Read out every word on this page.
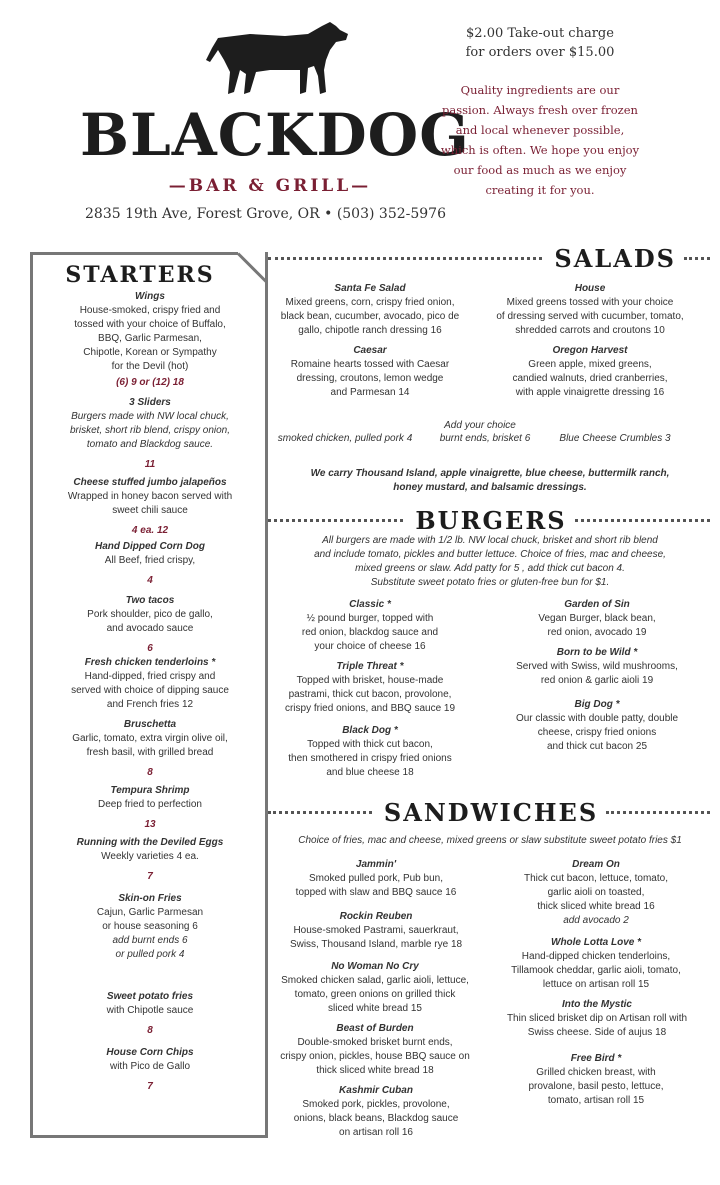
BLACKDOG
—BAR & GRILL—
2835 19th Ave, Forest Grove, OR • (503) 352-5976
$2.00 Take-out charge
for orders over $15.00
Quality ingredients are our
passion. Always fresh over frozen
and local whenever possible,
which is often. We hope you enjoy
our food as much as we enjoy
creating it for you.
STARTERS
Wings
House-smoked, crispy fried and
tossed with your choice of Buffalo,
BBQ, Garlic Parmesan,
Chipotle, Korean or Sympathy
for the Devil (hot)
(6) 9 or (12) 18
3 Sliders
Burgers made with NW local chuck,
brisket, short rib blend, crispy onion,
tomato and Blackdog sauce.
11
Cheese stuffed jumbo jalapeños
Wrapped in honey bacon served with
sweet chili sauce
4 ea. 12
Hand Dipped Corn Dog
All Beef, fried crispy,
4
Two tacos
Pork shoulder, pico de gallo,
and avocado sauce
6
Fresh chicken tenderloins *
Hand-dipped, fried crispy and
served with choice of dipping sauce
and French fries 12
Bruschetta
Garlic, tomato, extra virgin olive oil,
fresh basil, with grilled bread
8
Tempura Shrimp
Deep fried to perfection
13
Running with the Deviled Eggs
Weekly varieties 4 ea.
7
Skin-on Fries
Cajun, Garlic Parmesan
or house seasoning 6
add burnt ends 6
or pulled pork 4
Sweet potato fries
with Chipotle sauce
8
House Corn Chips
with Pico de Gallo
7
SALADS
Santa Fe Salad
Mixed greens, corn, crispy fried onion,
black bean, cucumber, avocado, pico de
gallo, chipotle ranch dressing 16
House
Mixed greens tossed with your choice
of dressing served with cucumber, tomato,
shredded carrots and croutons 10
Caesar
Romaine hearts tossed with Caesar
dressing, croutons, lemon wedge
and Parmesan 14
Oregon Harvest
Green apple, mixed greens,
candied walnuts, dried cranberries,
with apple vinaigrette dressing 16
Add your choice
smoked chicken, pulled pork 4	burnt ends, brisket 6	Blue Cheese Crumbles 3
We carry Thousand Island, apple vinaigrette, blue cheese, buttermilk ranch,
honey mustard, and balsamic dressings.
BURGERS
All burgers are made with 1/2 lb. NW local chuck, brisket and short rib blend
and include tomato, pickles and butter lettuce. Choice of fries, mac and cheese,
mixed greens or slaw. Add patty for 5 , add thick cut bacon 4.
Substitute sweet potato fries or gluten-free bun for $1.
Classic *
½ pound burger, topped with
red onion, blackdog sauce and
your choice of cheese 16
Garden of Sin
Vegan Burger, black bean,
red onion, avocado 19
Triple Threat *
Topped with brisket, house-made
pastrami, thick cut bacon, provolone,
crispy fried onions, and BBQ sauce 19
Born to be Wild *
Served with Swiss, wild mushrooms,
red onion & garlic aioli 19
Big Dog *
Our classic with double patty, double
cheese, crispy fried onions
and thick cut bacon 25
Black Dog *
Topped with thick cut bacon,
then smothered in crispy fried onions
and blue cheese 18
SANDWICHES
Choice of fries, mac and cheese, mixed greens or slaw substitute sweet potato fries $1
Jammin'
Smoked pulled pork, Pub bun,
topped with slaw and BBQ sauce 16
Dream On
Thick cut bacon, lettuce, tomato,
garlic aioli on toasted,
thick sliced white bread 16
add avocado 2
Rockin Reuben
House-smoked Pastrami, sauerkraut,
Swiss, Thousand Island, marble rye 18	Whole Lotta Love *
Hand-dipped chicken tenderloins,
Tillamook cheddar, garlic aioli, tomato,
lettuce on artisan roll 15
No Woman No Cry
Smoked chicken salad, garlic aioli, lettuce,
tomato, green onions on grilled thick
sliced white bread 15	Into the Mystic
Thin sliced brisket dip on Artisan roll with
Swiss cheese. Side of aujus 18
Beast of Burden
Double-smoked brisket burnt ends,
crispy onion, pickles, house BBQ sauce on
thick sliced white bread 18
Free Bird *
Grilled chicken breast, with
provalone, basil pesto, lettuce,
tomato, artisan roll 15
Kashmir Cuban
Smoked pork, pickles, provolone,
onions, black beans, Blackdog sauce
on artisan roll 16
